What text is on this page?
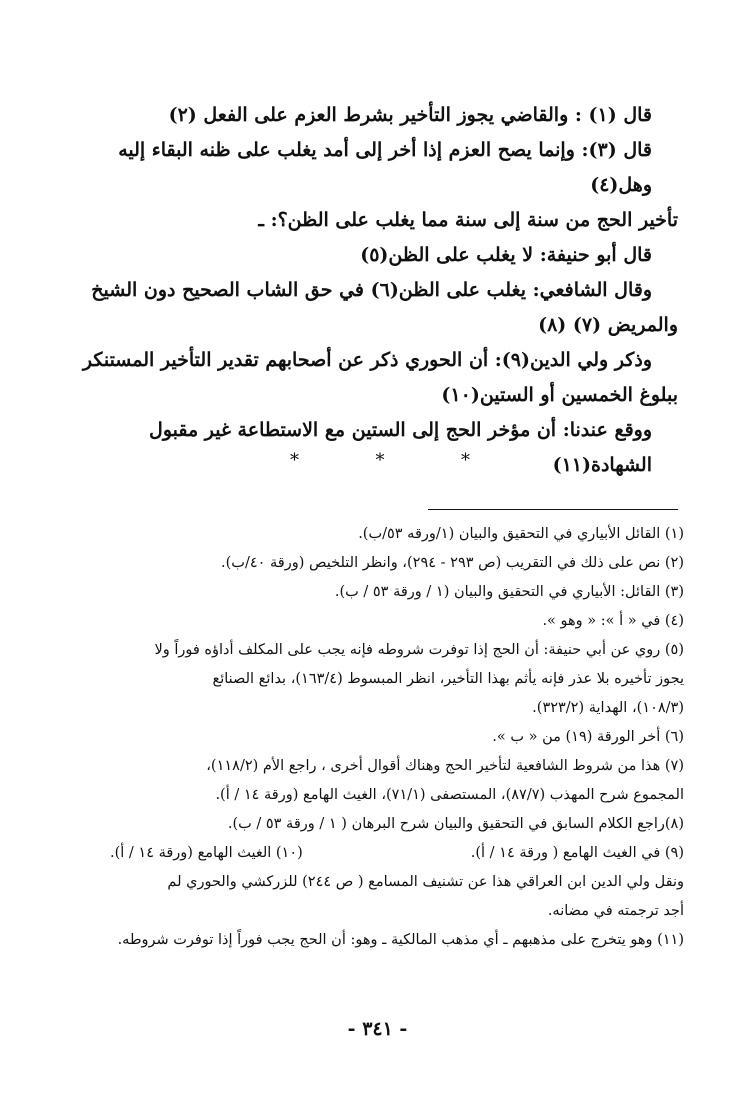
قال (١) : والقاضي يجوز التأخير بشرط العزم على الفعل (٢)

قال (٣): وإنما يصح العزم إذا أخر إلى أمد يغلب على ظنه البقاء إليه وهل(٤)

تأخير الحج من سنة إلى سنة مما يغلب على الظن؟: ـ

قال أبو حنيفة: لا يغلب على الظن(٥)

وقال الشافعي: يغلب على الظن(٦) في حق الشاب الصحيح دون الشيخ

والمريض (٧) (٨)

وذكر ولي الدين(٩): أن الحوري ذكر عن أصحابهم تقدير التأخير المستنكر

ببلوغ الخمسين أو الستين(١٠)

ووقع عندنا: أن مؤخر الحج إلى الستين مع الاستطاعة غير مقبول الشهادة(١١)

*	*	*

(١) القائل الأبياري في التحقيق والبيان (١/ورقه ٥٣/ب).

(٢) نص على ذلك في التقريب (ص ٢٩٣ - ٢٩٤)، وانظر التلخيص (ورقة ٤٠/ب).

(٣) القائل: الأبياري في التحقيق والبيان (١ / ورقة ٥٣ / ب).

(٤) في « أ »: « وهو ».

(٥) روي عن أبي حنيفة: أن الحج إذا توفرت شروطه فإنه يجب على المكلف أداؤه فوراً ولا

يجوز تأخيره بلا عذر فإنه يأثم بهذا التأخير، انظر المبسوط (١٦٣/٤)، بدائع الصنائع

(١٠٨/٣)، الهداية (٣٢٣/٢).

(٦) أخر الورقة (١٩) من « ب ».

(٧) هذا من شروط الشافعية لتأخير الحج وهناك أقوال أخرى ، راجع الأم (١١٨/٢)،

المجموع شرح المهذب (٨٧/٧)، المستصفى (٧١/١)، الغيث الهامع (ورقة ١٤ / أ).

(٨)راجع الكلام السابق في التحقيق والبيان شرح البرهان ( ١ / ورقة ٥٣ / ب).

(٩) في الغيث الهامع ( ورقة ١٤ / أ).
(١٠) الغيث الهامع (ورقة ١٤ / أ).

ونقل ولي الدين ابن العراقي هذا عن تشنيف المسامع ( ص ٢٤٤) للزركشي والحوري لم

أجد ترجمته في مضانه.

(١١) وهو يتخرج على مذهبهم ـ أي مذهب المالكية ـ وهو: أن الحج يجب فوراً إذا توفرت شروطه.

- ٣٤١ -
